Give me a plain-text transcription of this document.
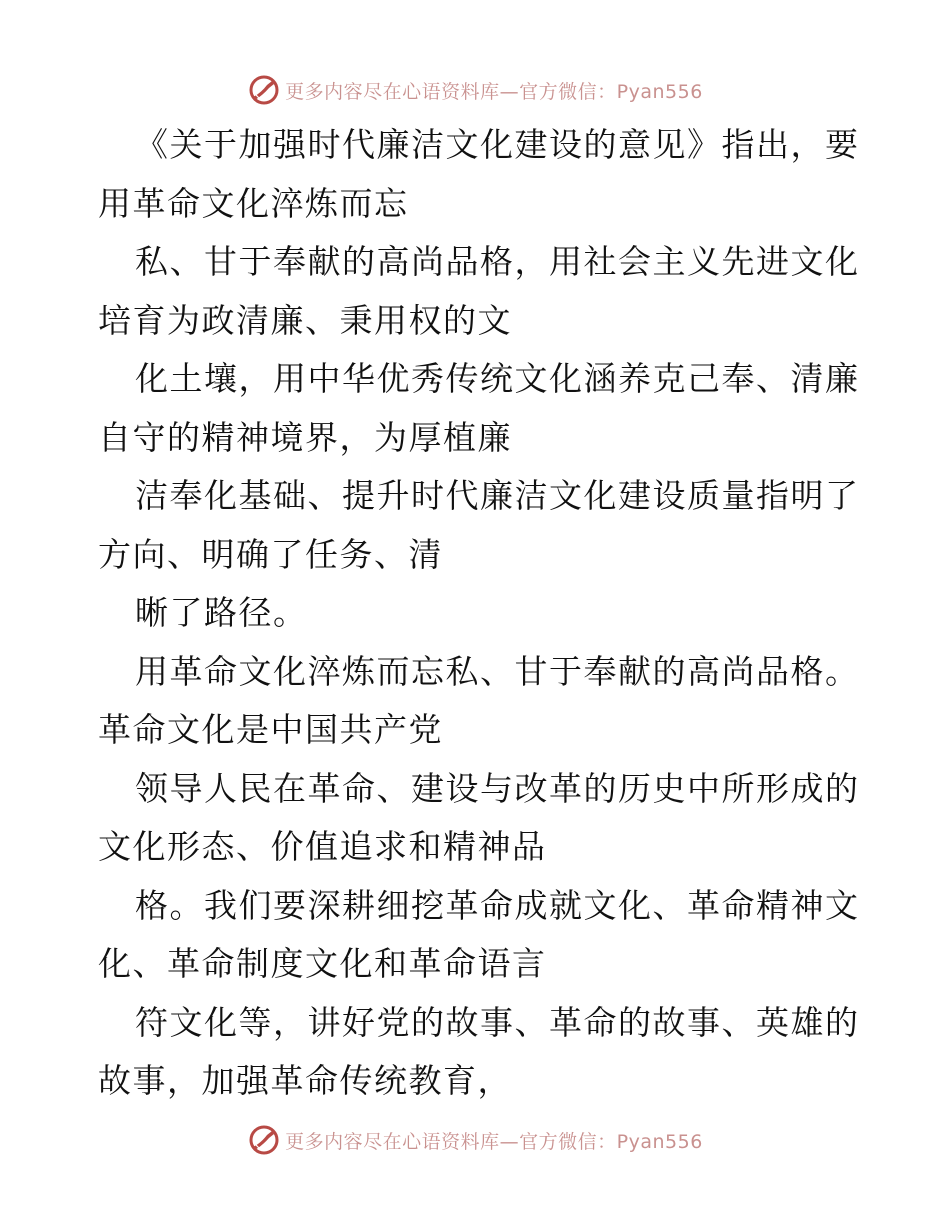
更多内容尽在心语资料库—官方微信：Pyan556
《关于加强时代廉洁文化建设的意见》指出，要
用革命文化淬炼而忘
私、甘于奉献的高尚品格，用社会主义先进文化
培育为政清廉、秉用权的文
化土壤，用中华优秀传统文化涵养克己奉、清廉
自守的精神境界，为厚植廉
洁奉化基础、提升时代廉洁文化建设质量指明了
方向、明确了任务、清
晰了路径。
用革命文化淬炼而忘私、甘于奉献的高尚品格。
革命文化是中国共产党
领导人民在革命、建设与改革的历史中所形成的
文化形态、价值追求和精神品
格。我们要深耕细挖革命成就文化、革命精神文
化、革命制度文化和革命语言
符文化等，讲好党的故事、革命的故事、英雄的
故事，加强革命传统教育，
更多内容尽在心语资料库—官方微信：Pyan556
